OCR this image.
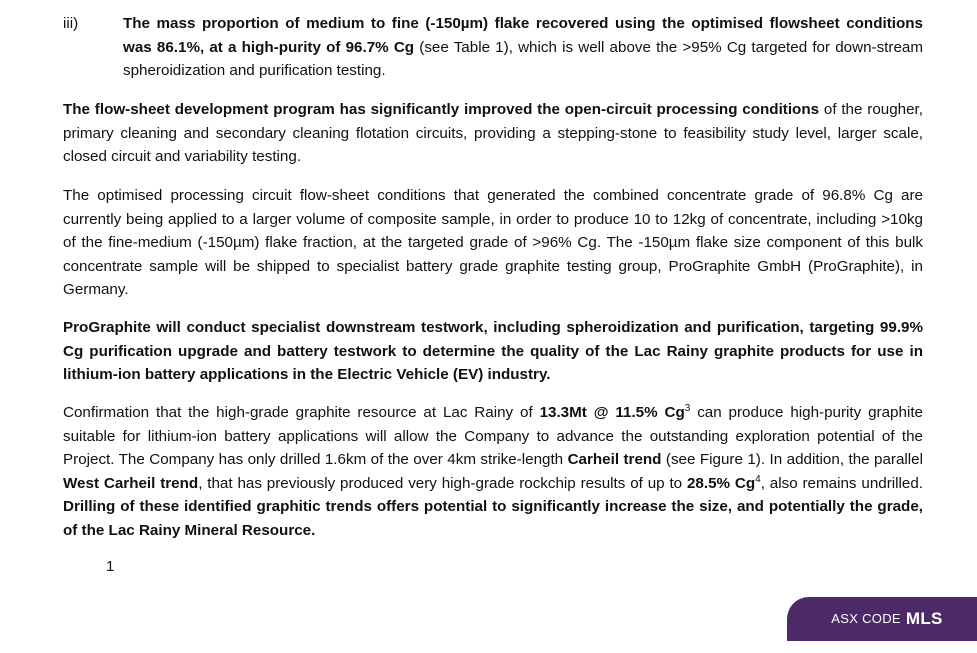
iii)	The mass proportion of medium to fine (-150µm) flake recovered using the optimised flowsheet conditions was 86.1%, at a high-purity of 96.7% Cg (see Table 1), which is well above the >95% Cg targeted for down-stream spheroidization and purification testing.

The flow-sheet development program has significantly improved the open-circuit processing conditions of the rougher, primary cleaning and secondary cleaning flotation circuits, providing a stepping-stone to feasibility study level, larger scale, closed circuit and variability testing.

The optimised processing circuit flow-sheet conditions that generated the combined concentrate grade of 96.8% Cg are currently being applied to a larger volume of composite sample, in order to produce 10 to 12kg of concentrate, including >10kg of the fine-medium (-150µm) flake fraction, at the targeted grade of >96% Cg. The -150µm flake size component of this bulk concentrate sample will be shipped to specialist battery grade graphite testing group, ProGraphite GmbH (ProGraphite), in Germany.

ProGraphite will conduct specialist downstream testwork, including spheroidization and purification, targeting 99.9% Cg purification upgrade and battery testwork to determine the quality of the Lac Rainy graphite products for use in lithium-ion battery applications in the Electric Vehicle (EV) industry.

Confirmation that the high-grade graphite resource at Lac Rainy of 13.3Mt @ 11.5% Cg$^3$ can produce high-purity graphite suitable for lithium-ion battery applications will allow the Company to advance the outstanding exploration potential of the Project. The Company has only drilled 1.6km of the over 4km strike-length Carheil trend (see Figure 1). In addition, the parallel West Carheil trend, that has previously produced very high-grade rockchip results of up to 28.5% Cg$^4$, also remains undrilled. Drilling of these identified graphitic trends offers potential to significantly increase the size, and potentially the grade, of the Lac Rainy Mineral Resource.

1
ASX CODE MLS
